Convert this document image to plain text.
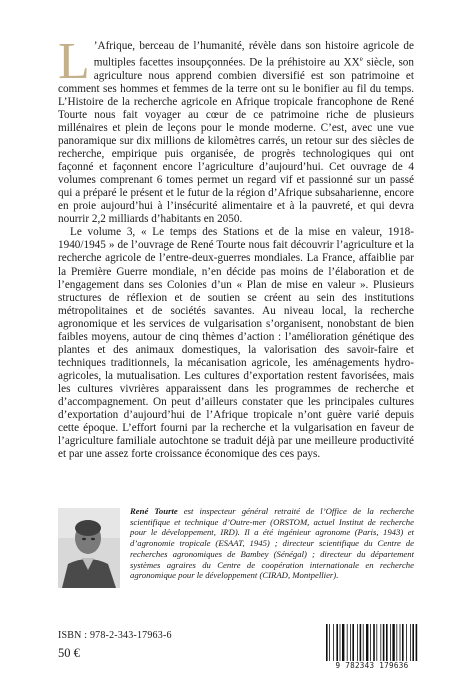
L ’Afrique, berceau de l’humanité, révèle dans son histoire agricole de multiples facettes insoupçonnées. De la préhistoire au XXe siècle, son agriculture nous apprend combien diversifié est son patrimoine et comment ses hommes et femmes de la terre ont su le bonifier au fil du temps. L’Histoire de la recherche agricole en Afrique tropicale francophone de René Tourte nous fait voyager au cœur de ce patrimoine riche de plusieurs millénaires et plein de leçons pour le monde moderne. C’est, avec une vue panoramique sur dix millions de kilomètres carrés, un retour sur des siècles de recherche, empirique puis organisée, de progrès technologiques qui ont façonné et façonnent encore l’agriculture d’aujourd’hui. Cet ouvrage de 4 volumes comprenant 6 tomes permet un regard vif et passionné sur un passé qui a préparé le présent et le futur de la région d’Afrique subsaharienne, encore en proie aujourd’hui à l’insécurité alimentaire et à la pauvreté, et qui devra nourrir 2,2 milliards d’habitants en 2050.

Le volume 3, « Le temps des Stations et de la mise en valeur, 1918-1940/1945 » de l’ouvrage de René Tourte nous fait découvrir l’agriculture et la recherche agricole de l’entre-deux-guerres mondiales. La France, affaiblie par la Première Guerre mondiale, n’en décide pas moins de l’élaboration et de l’engagement dans ses Colonies d’un « Plan de mise en valeur ». Plusieurs structures de réflexion et de soutien se créent au sein des institutions métropolitaines et de sociétés savantes. Au niveau local, la recherche agronomique et les services de vulgarisation s’organisent, nonobstant de bien faibles moyens, autour de cinq thèmes d’action : l’amélioration génétique des plantes et des animaux domestiques, la valorisation des savoir-faire et techniques traditionnels, la mécanisation agricole, les aménagements hydro-agricoles, la mutualisation. Les cultures d’exportation restent favorisées, mais les cultures vivrières apparaissent dans les programmes de recherche et d’accompagnement. On peut d’ailleurs constater que les principales cultures d’exportation d’aujourd’hui de l’Afrique tropicale n’ont guère varié depuis cette époque. L’effort fourni par la recherche et la vulgarisation en faveur de l’agriculture familiale autochtone se traduit déjà par une meilleure productivité et par une assez forte croissance économique des ces pays.

René Tourte est inspecteur général retraité de l’Office de la recherche scientifique et technique d’Outre-mer (ORSTOM, actuel Institut de recherche pour le développement, IRD). Il a été ingénieur agronome (Paris, 1943) et d’agronomie tropicale (ESAAT, 1945) ; directeur scientifique du Centre de recherches agronomiques de Bambey (Sénégal) ; directeur du département systèmes agraires du Centre de coopération internationale en recherche agronomique pour le développement (CIRAD, Montpellier).
ISBN : 978-2-343-17963-6
50 €
9 782343 179636
